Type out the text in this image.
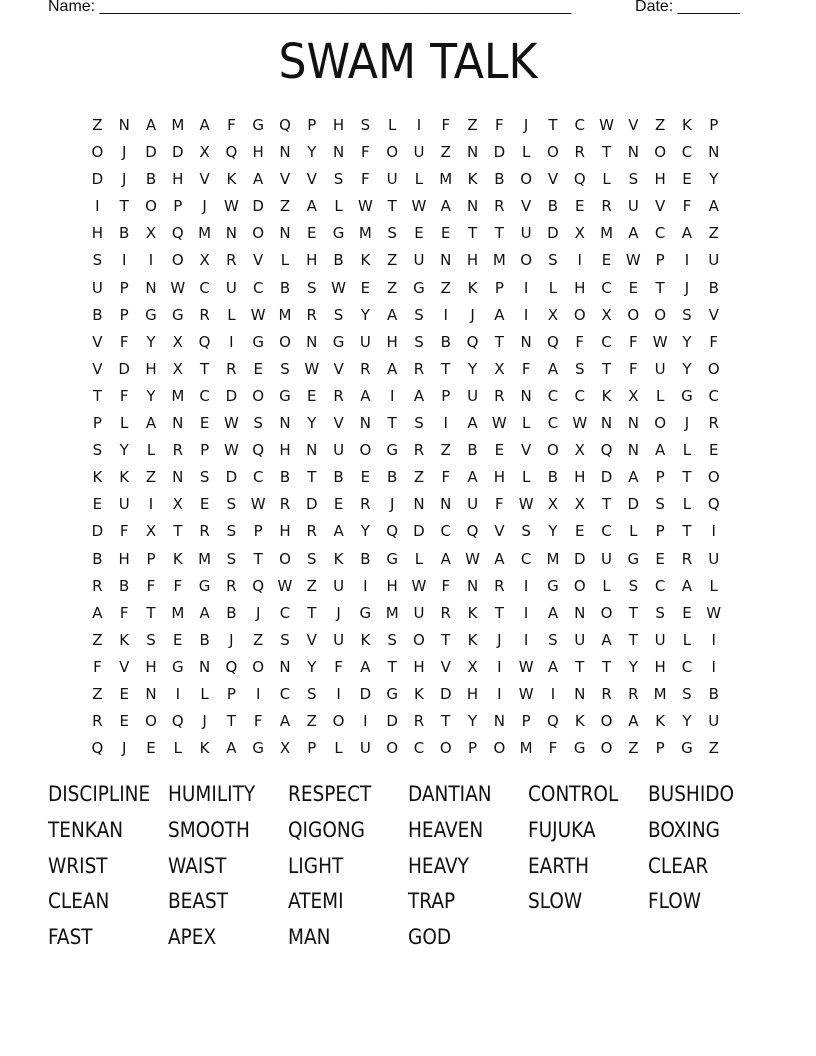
Name: _____________________________________________________	Date: _______
SWAM TALK
Z	N	A	M	A	F	G	Q	P	H	S	L	I	F	Z	F	J	T	C W V	Z	K	P
O	J	D	D	X	Q	H	N	Y	N	F	O	U	Z	N	D	L	O	R	T	N	O	C	N
D	J	B	H	V	K	A	V	V	S	F	U	L	M	K	B	O	V	Q	L	S	H	E	Y
I	T	O	P	J	W D	Z	A	L	W T W A	N	R	V	B	E	R	U	V	F	A
H	B	X	Q M N	O	N	E	G M	S	E	E	T	T	U	D	X	M	A	C	A	Z
S	I	I	O	X	R	V	L	H	B	K	Z	U	N	H M O	S	I	E W P	I	U
U	P	N W C	U	C	B	S W E	Z	G	Z	K	P	I	L	H	C	E	T	J	B
B	P	G	G	R	L	W M	R	S	Y	A	S	I	J	A	I	X	O	X	O O	S	V
V	F	Y	X	Q	I	G	O	N	G	U	H	S	B	Q	T	N	Q	F	C	F	W Y	F
V	D	H	X	T	R	E	S W V	R	A	R	T	Y	X	F	A	S	T	F	U	Y	O
T	F	Y	M	C	D	O	G	E	R	A	I	A	P	U	R	N	C	C	K	X	L	G	C
P	L	A	N	E W S	N	Y	V	N	T	S	I	A W	L	C W N	N	O	J	R
S	Y	L	R	P W Q	H	N	U	O	G	R	Z	B	E	V	O	X	Q	N	A	L	E
K	K	Z	N	S	D	C	B	T	B	E	B	Z	F	A	H	L	B	H	D	A	P	T	O
E	U	I	X	E	S W R	D	E	R	J	N	N	U	F	W X	X	T	D	S	L	Q
D	F	X	T	R	S	P	H	R	A	Y	Q	D	C	Q	V	S	Y	E	C	L	P	T	I
B	H	P	K	M	S	T	O	S	K	B	G	L	A W A	C	M D	U	G	E	R	U
R	B	F	F	G	R	Q W Z	U	I	H W	F	N	R	I	G	O	L	S	C	A	L
A	F	T	M	A	B	J	C	T	J	G M U	R	K	T	I	A	N	O	T	S	E W
Z	K	S	E	B	J	Z	S	V	U	K	S	O	T	K	J	I	S	U	A	T	U	L	I
F	V	H	G	N	Q O	N	Y	F	A	T	H	V	X	I	W A	T	T	Y	H	C	I
Z	E	N	I	L	P	I	C	S	I	D	G	K	D	H	I	W	I	N	R	R	M	S	B
R	E	O Q	J	T	F	A	Z	O	I	D	R	T	Y	N	P	Q	K	O	A	K	Y	U
Q	J	E	L	K	A	G	X	P	L	U	O	C	O	P	O M	F	G	O	Z	P	G	Z
DISCIPLINE HUMILITY	RESPECT	DANTIAN	CONTROL	BUSHIDO
TENKAN	SMOOTH	QIGONG	HEAVEN	FUJUKA	BOXING
WRIST	WAIST	LIGHT	HEAVY	EARTH	CLEAR
CLEAN	BEAST	ATEMI	TRAP	SLOW	FLOW
FAST	APEX	MAN	GOD
